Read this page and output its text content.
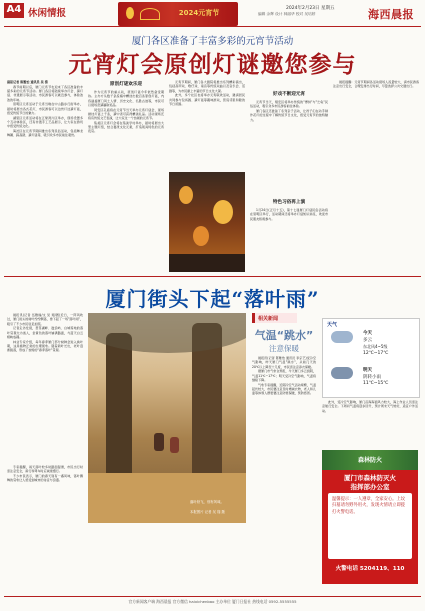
A4 休闲情报	2024元宵节
2024年2月23日 星期五
编辑 余辉 设计 林丽华 校对 吴培婷	海西晨报
厦门各区准备了丰富多彩的元宵节活动
元宵灯会原创灯谜邀您参与

晨报记者 陈雅怡 通讯员 吴 倩

春节前期以后，厦门元宵节也迎来了各区准备的丰富多彩的元宵节活动。厦门各区将陆续举办灯会、猜灯谜、非遗展示等活动，市民游客可以就近参与，体验浓浓的年味。

思明区元宵活动于元宵当晚在中山路步行街举办，届时将展出各式花灯，市民游客可以边赏灯边猜灯谜，感受传统节日的魅力。

湖里区元宵活动将在五缘湾片区举办，现场设置多个互动体验区，还有非遗手工艺品展示，让大家在游玩中感受传统文化。

海沧区在元宵节期间推出系列民俗活动，包括舞龙舞狮、踩高跷、猜灯谜等，吸引众多市民前往观赏。

原创灯谜欢乐迎

作为元宵节的重头戏，原创灯谜今年依然备受期待。主办方从数千条投稿中精选出数百条原创灯谜，内容涵盖厦门风土人情、历史文化、名胜古迹等，市民可以现场竞猜赢取奖品。

同安区孔庙将在元宵节当天举办元宵灯谜会，现场悬挂灯谜上千条，猜中者可获得精美礼品。活动现场还将有传统文艺表演，让大家过一个热闹的元宵节。

集美区元宵灯会将在集美学村举办，届时将展出大型主题灯组，结合嘉庚文化元素，打造别具特色的元宵夜景。

元宵节期间，厦门各大剧院将推出系列精彩演出，包括高甲戏、歌仔戏、南音等传统戏曲以及音乐会、话剧等，为市民献上丰富的节日文化大餐。

此外，多个社区也将举办元宵联欢活动，邀请居民共同参与包汤圆、猜灯谜等趣味游戏，营造邻里和睦的节日氛围。

好戏不断迎元宵

元宵节当天，翔安区将举办传统的"博饼"与"乞龟"民俗活动，吸引众多市民游客前往体验。

厦门各区还准备了系列亲子活动，让孩子们在动手制作花灯的过程中了解传统节日文化，感受元宵节的独特魅力。

特色习俗再上演

1月24日(正月十五)，第十七届厦门灯谜民俗活动将在思明区举行，活动期间还将举办灯谜知识讲座，欢迎市民朋友积极参与。

晨报提醒：元宵节期间各活动现场人流量较大，请市民游客注意出行安全，合理安排出行时间，尽量选择公共交通出行。

厦门街头下起“落叶雨”

晨报讯(记者 伍雅瑜/文 吴 翔/图)近日，一阵风吹过，厦门街头的树叶纷纷飘落，像下起了一场"落叶雨"，吸引了不少市民驻足拍照。

记者走访发现，筼筜湖畔、鼓浪屿、白城等地的落叶景观尤为迷人，金黄色的落叶铺满路面，与蓝天白云相映成趣。

林业专家介绍，每年春季厦门部分树种会进入换叶期，这是植物正常的生理现象。随着新叶长出，老叶逐渐脱落，形成了独特的"春季落叶"景观。

落叶纷飞，别有风味。
本报图片 记者 吴 翔 摄

专家提醒，雨天落叶较多时路面湿滑，市民出行时需注意安全，骑行和驾车时应减速慢行。

不少市民表示，厦门的春天别有一番风味，落叶飘舞的景象让人感受到城市的诗意与浪漫。

相关新闻
气温“跳水”
注意保暖
天气
今天
多云
东北风4~5级
12℃~17℃
明天
阴转小雨
11℃~15℃

晨报讯(记者 陈雅怡 通讯员 李宗艺)受冷空气影响，昨天厦门气温"跳水"，从前几天的20℃以上降至十几度，市民需注意添衣保暖。

据厦门市气象台预报，今天厦门多云到阴，气温11℃~17℃；明天受冷空气影响，气温将继续下降。

气象专家提醒，近期冷空气活动频繁，气温起伏较大，市民要注意及时增减衣物，老人和儿童等体弱人群更要注意防寒保暖，预防感冒。

此外，受冷空气影响，厦门沿海海面风力较大，海上作业人员需注意航行安全。下周初气温将逐步回升，预计周末天气转好，适宜户外活动。

森林防火
厦门市森林防灭火
指挥部办公室
温馨提示：一人遵章，全家安心。上坟扫墓请勿野外用火，发现火情请立即拨打火警电话。
火警电话 5204119、110
官方新闻客户端 海西晨报 官方微信 haixichenbao 主办单位 厦门日报社 热线电话 0592-5555555
